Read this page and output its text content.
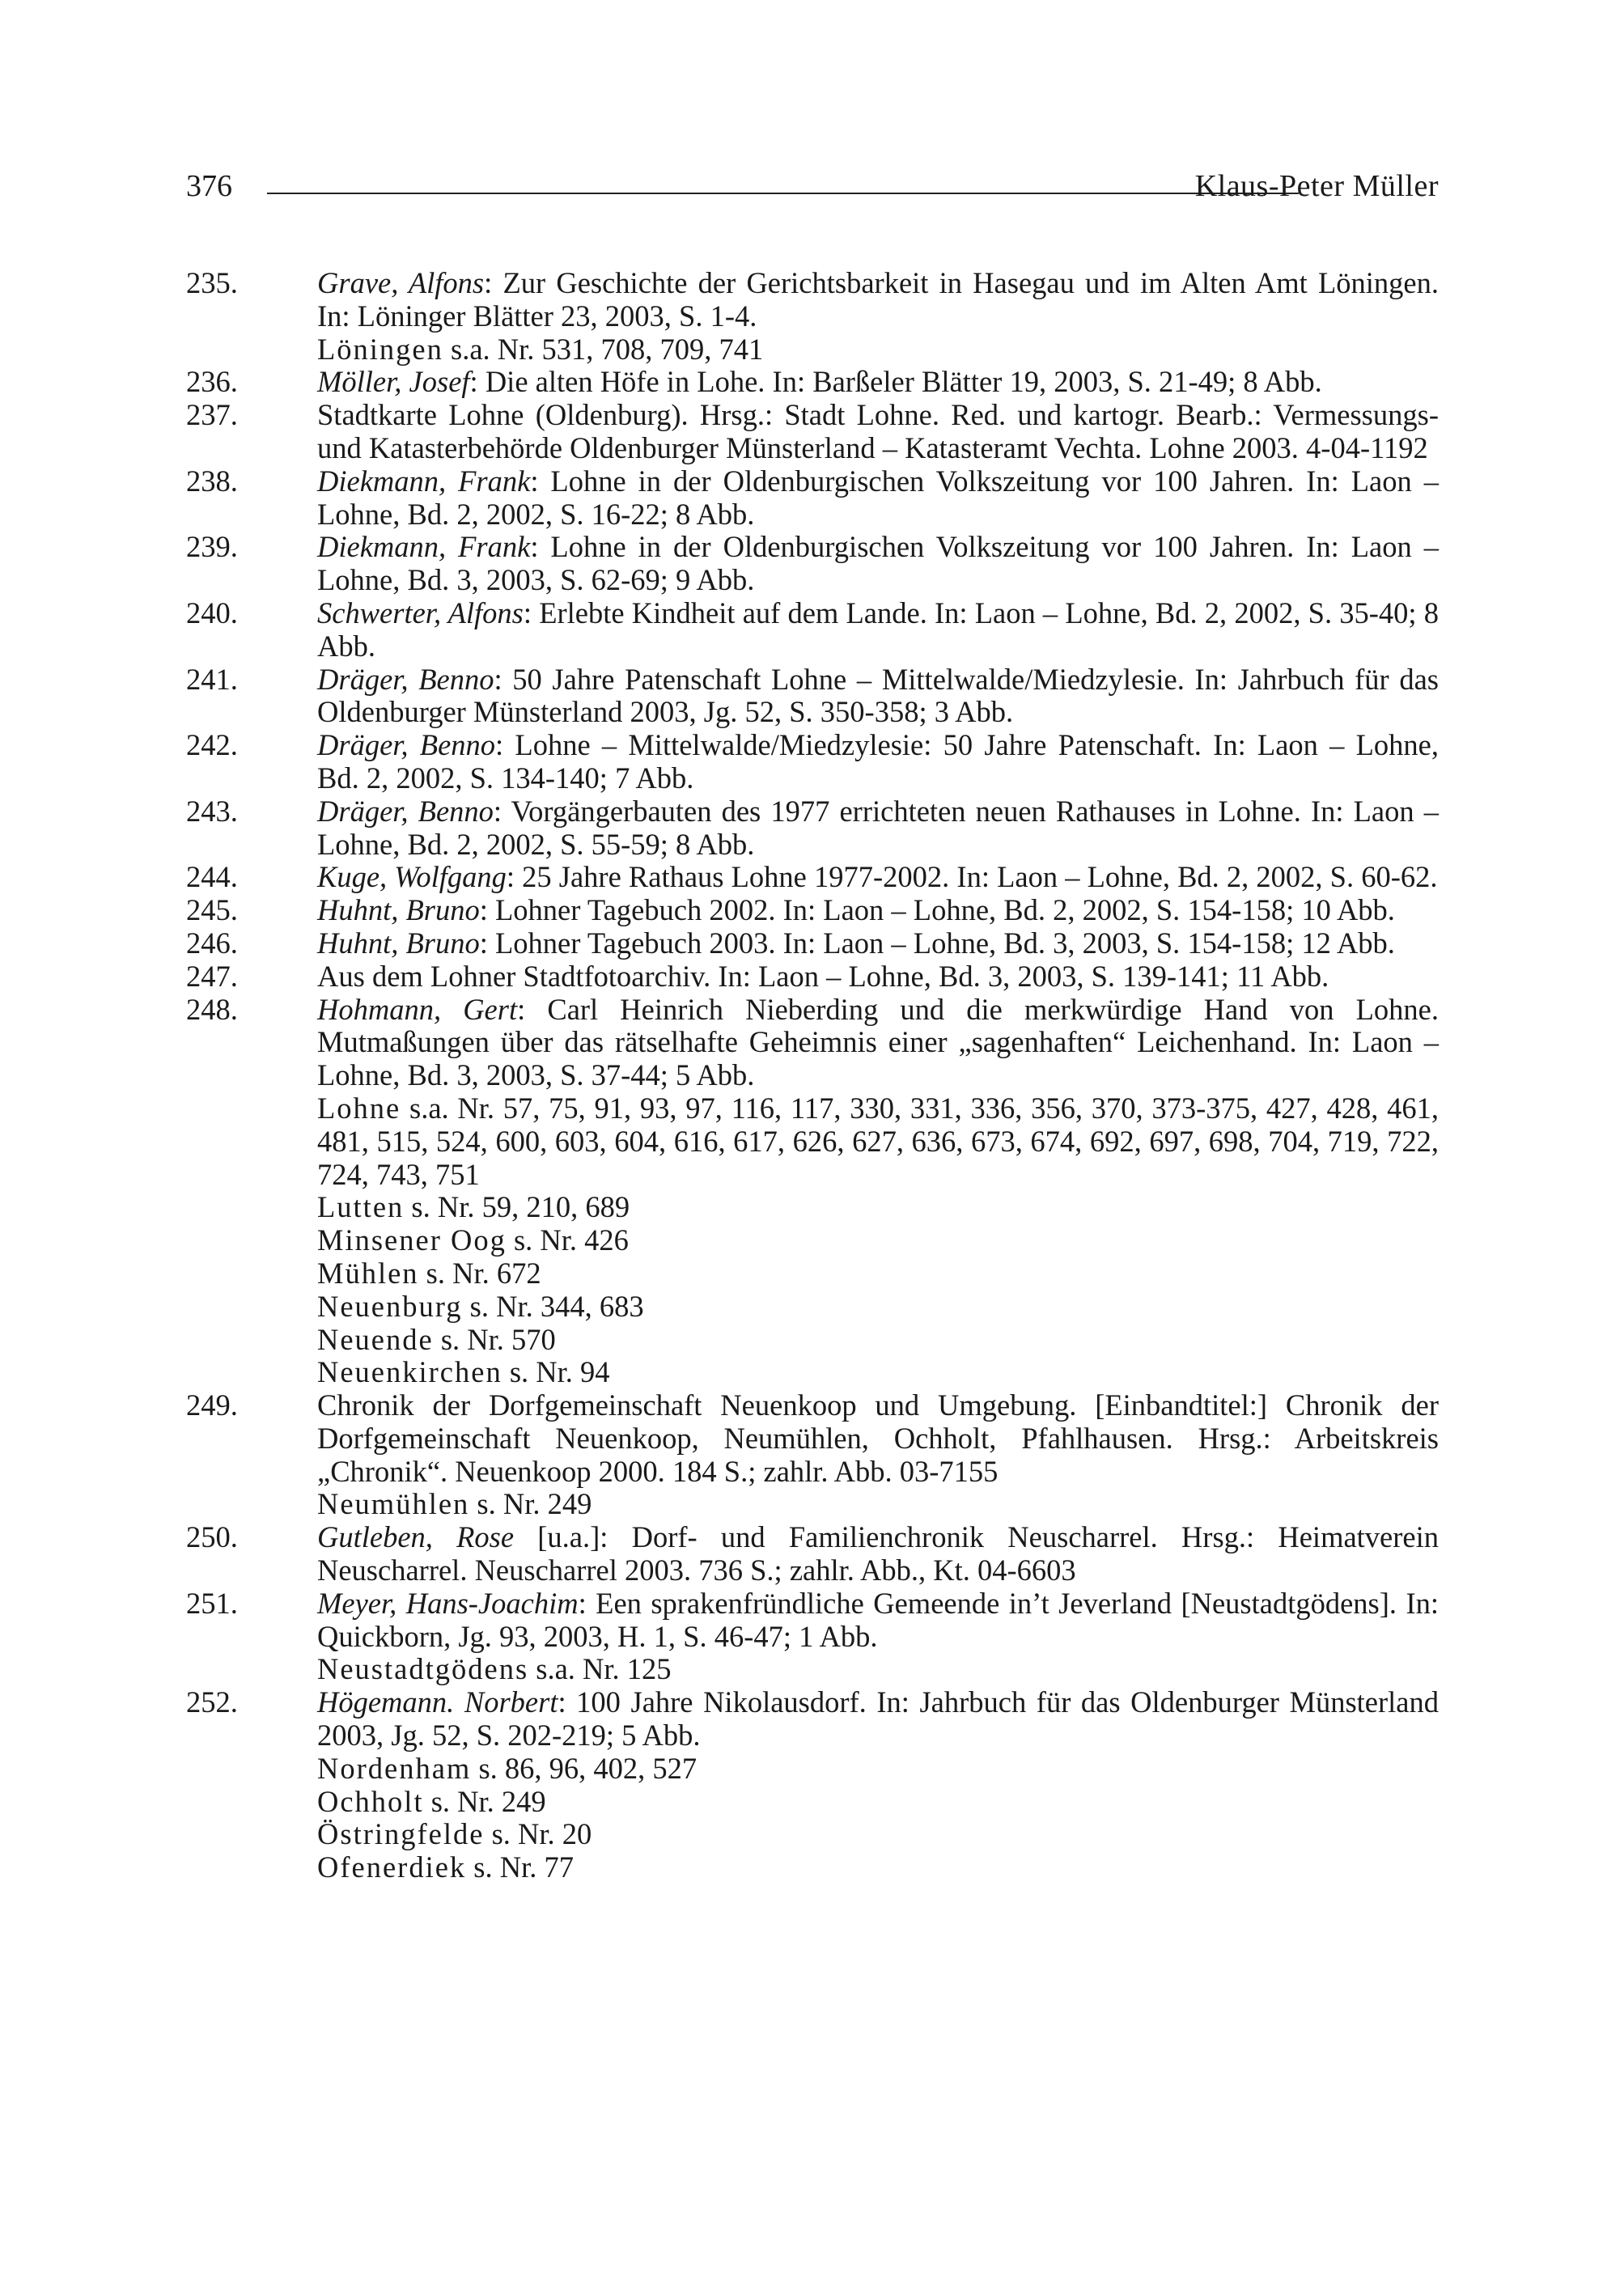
376	Klaus-Peter Müller

235.	Grave, Alfons: Zur Geschichte der Gerichtsbarkeit in Hasegau und im Alten Amt Löningen. In: Löninger Blätter 23, 2003, S. 1-4.

Löningen s.a. Nr. 531, 708, 709, 741

236.	Möller, Josef: Die alten Höfe in Lohe. In: Barßeler Blätter 19, 2003, S. 21-49; 8 Abb.

237.	Stadtkarte Lohne (Oldenburg). Hrsg.: Stadt Lohne. Red. und kartogr. Bearb.: Vermessungs- und Katasterbehörde Oldenburger Münsterland – Katasteramt Vechta. Lohne 2003. 4-04-1192

238.	Diekmann, Frank: Lohne in der Oldenburgischen Volkszeitung vor 100 Jahren. In: Laon – Lohne, Bd. 2, 2002, S. 16-22; 8 Abb.

239.	Diekmann, Frank: Lohne in der Oldenburgischen Volkszeitung vor 100 Jahren. In: Laon – Lohne, Bd. 3, 2003, S. 62-69; 9 Abb.

240.	Schwerter, Alfons: Erlebte Kindheit auf dem Lande. In: Laon – Lohne, Bd. 2, 2002, S. 35-40; 8 Abb.

241.	Dräger, Benno: 50 Jahre Patenschaft Lohne – Mittelwalde/Miedzylesie. In: Jahrbuch für das Oldenburger Münsterland 2003, Jg. 52, S. 350-358; 3 Abb.

242.	Dräger, Benno: Lohne – Mittelwalde/Miedzylesie: 50 Jahre Patenschaft. In: Laon – Lohne, Bd. 2, 2002, S. 134-140; 7 Abb.

243.	Dräger, Benno: Vorgängerbauten des 1977 errichteten neuen Rathauses in Lohne. In: Laon – Lohne, Bd. 2, 2002, S. 55-59; 8 Abb.

244.	Kuge, Wolfgang: 25 Jahre Rathaus Lohne 1977-2002. In: Laon – Lohne, Bd. 2, 2002, S. 60-62.

245.	Huhnt, Bruno: Lohner Tagebuch 2002. In: Laon – Lohne, Bd. 2, 2002, S. 154-158; 10 Abb.

246.	Huhnt, Bruno: Lohner Tagebuch 2003. In: Laon – Lohne, Bd. 3, 2003, S. 154-158; 12 Abb.

247.	Aus dem Lohner Stadtfotoarchiv. In: Laon – Lohne, Bd. 3, 2003, S. 139-141; 11 Abb.

248.	Hohmann, Gert: Carl Heinrich Nieberding und die merkwürdige Hand von Lohne. Mutmaßungen über das rätselhafte Geheimnis einer „sagenhaften“ Leichenhand. In: Laon – Lohne, Bd. 3, 2003, S. 37-44; 5 Abb.

Lohne s.a. Nr. 57, 75, 91, 93, 97, 116, 117, 330, 331, 336, 356, 370, 373-375, 427, 428, 461, 481, 515, 524, 600, 603, 604, 616, 617, 626, 627, 636, 673, 674, 692, 697, 698, 704, 719, 722, 724, 743, 751

Lutten s. Nr. 59, 210, 689

Minsener Oog s. Nr. 426

Mühlen s. Nr. 672

Neuenburg s. Nr. 344, 683

Neuende s. Nr. 570

Neuenkirchen s. Nr. 94

249.	Chronik der Dorfgemeinschaft Neuenkoop und Umgebung. [Einbandtitel:] Chronik der Dorfgemeinschaft Neuenkoop, Neumühlen, Ochholt, Pfahlhausen. Hrsg.: Arbeitskreis „Chronik“. Neuenkoop 2000. 184 S.; zahlr. Abb. 03-7155

Neumühlen s. Nr. 249

250.	Gutleben, Rose [u.a.]: Dorf- und Familienchronik Neuscharrel. Hrsg.: Heimatverein Neuscharrel. Neuscharrel 2003. 736 S.; zahlr. Abb., Kt. 04-6603

251.	Meyer, Hans-Joachim: Een sprakenfründliche Gemeende in’t Jeverland [Neustadtgödens]. In: Quickborn, Jg. 93, 2003, H. 1, S. 46-47; 1 Abb.

Neustadtgödens s.a. Nr. 125

252.	Högemann. Norbert: 100 Jahre Nikolausdorf. In: Jahrbuch für das Oldenburger Münsterland 2003, Jg. 52, S. 202-219; 5 Abb.

Nordenham s. 86, 96, 402, 527

Ochholt s. Nr. 249

Östringfelde s. Nr. 20

Ofenerdiek s. Nr. 77
